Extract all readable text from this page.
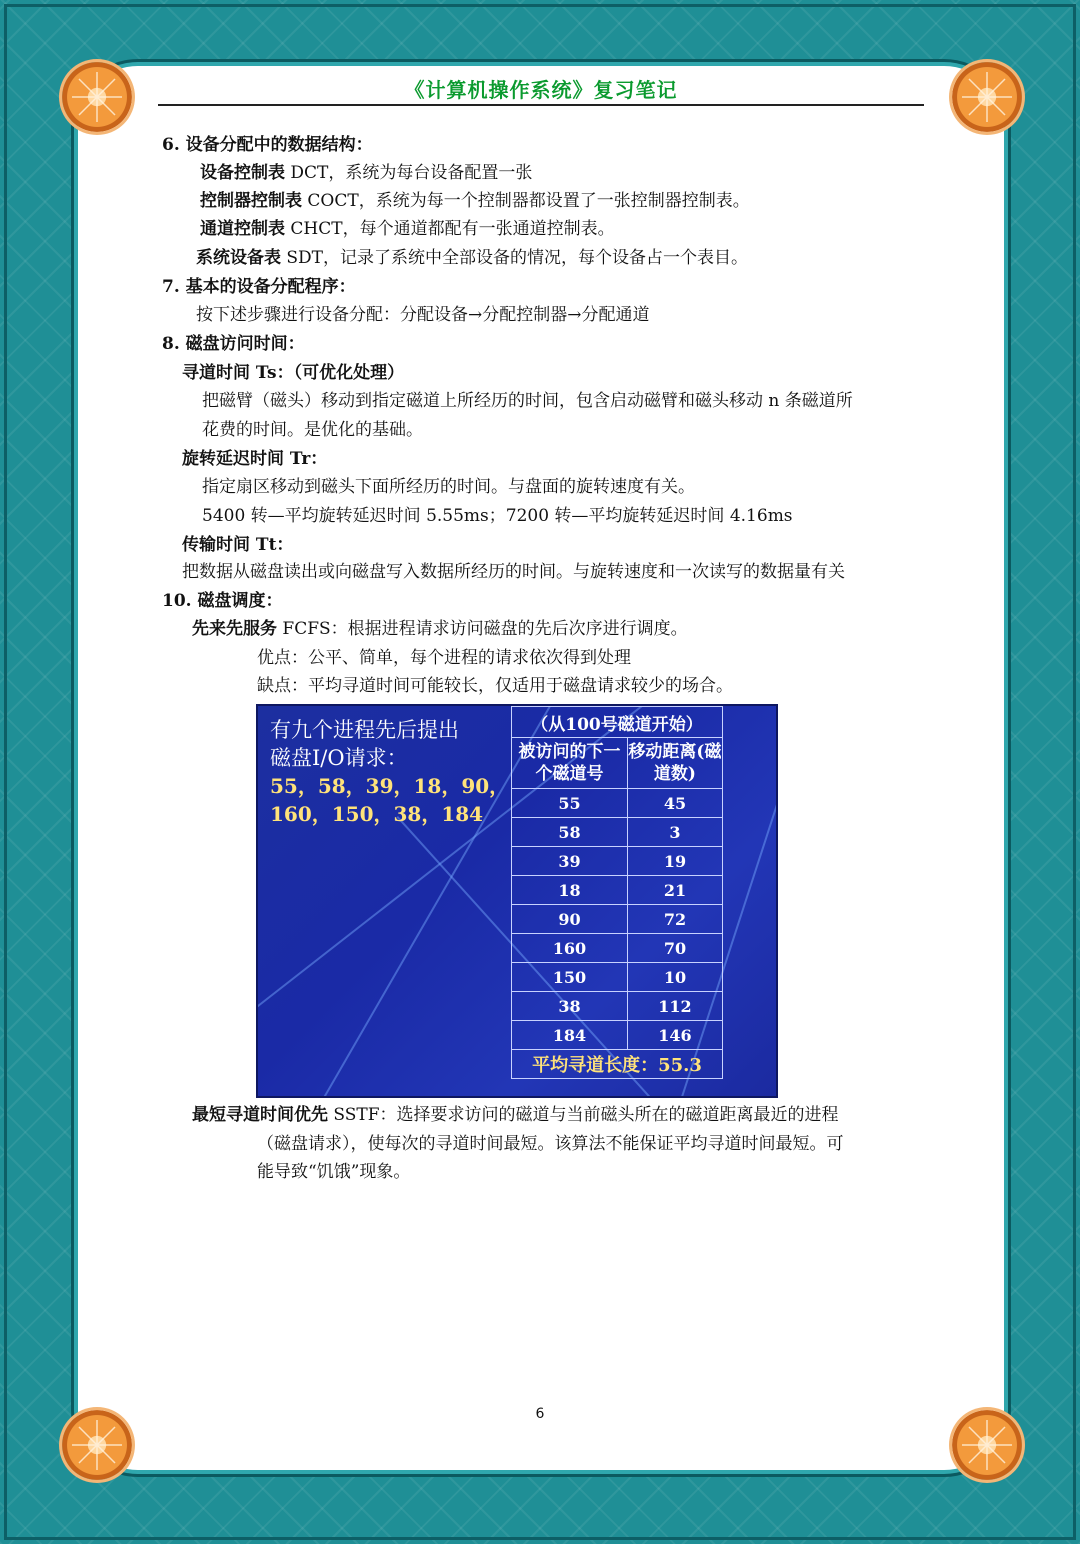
《计算机操作系统》复习笔记
6. 设备分配中的数据结构：
设备控制表 DCT，系统为每台设备配置一张
控制器控制表 COCT，系统为每一个控制器都设置了一张控制器控制表。
通道控制表 CHCT，每个通道都配有一张通道控制表。
系统设备表 SDT，记录了系统中全部设备的情况，每个设备占一个表目。
7. 基本的设备分配程序：
按下述步骤进行设备分配：分配设备→分配控制器→分配通道
8. 磁盘访问时间：
寻道时间 Ts：（可优化处理）
把磁臂（磁头）移动到指定磁道上所经历的时间，包含启动磁臂和磁头移动 n 条磁道所
花费的时间。是优化的基础。
旋转延迟时间 Tr：
指定扇区移动到磁头下面所经历的时间。与盘面的旋转速度有关。
5400 转—平均旋转延迟时间 5.55ms；7200 转—平均旋转延迟时间 4.16ms
传输时间 Tt：
把数据从磁盘读出或向磁盘写入数据所经历的时间。与旋转速度和一次读写的数据量有关
10. 磁盘调度：
先来先服务 FCFS：根据进程请求访问磁盘的先后次序进行调度。
优点：公平、简单，每个进程的请求依次得到处理
缺点：平均寻道时间可能较长，仅适用于磁盘请求较少的场合。
有九个进程先后提出
磁盘I/O请求：
55，58，39，18，90，
160，150，38，184
（从100号磁道开始）	
被访问的下一个磁道号	移动距离(磁道数)
55	45
58	3
39	19
18	21
90	72
160	70
150	10
38	112
184	146
平均寻道长度：55.3	
最短寻道时间优先 SSTF：选择要求访问的磁道与当前磁头所在的磁道距离最近的进程
（磁盘请求），使每次的寻道时间最短。该算法不能保证平均寻道时间最短。可
能导致“饥饿”现象。
6
